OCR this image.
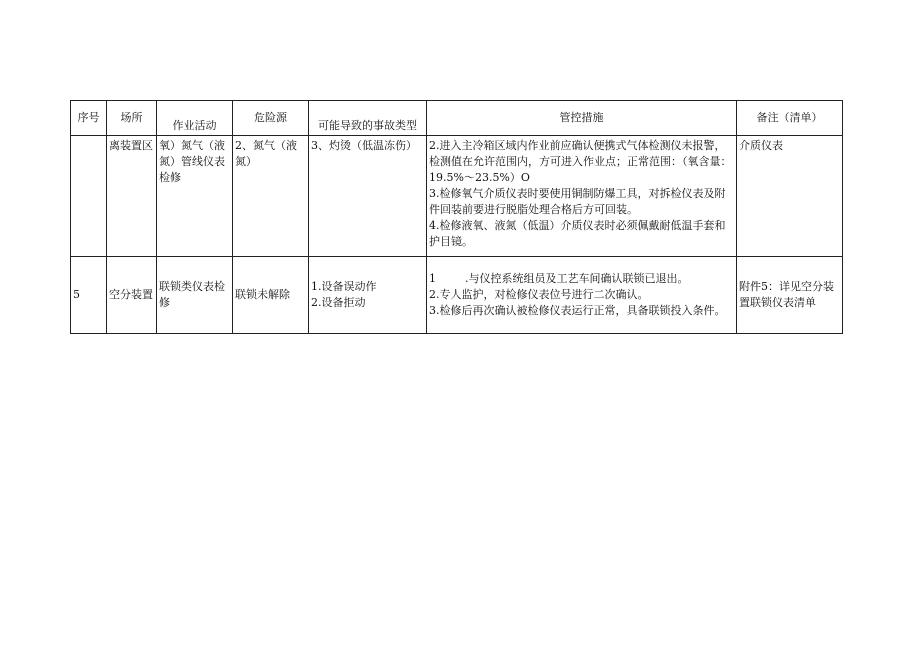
序号	场所	作业活动	危险源	可能导致的事故类型	管控措施	备注（清单）
	离装置区	氧）氮气（液氮）管线仪表检修	2、氮气（液氮）	3、灼烫（低温冻伤）	2.进入主冷箱区域内作业前应确认便携式气体检测仪未报警，检测值在允许范围内，方可进入作业点；正常范围：（氧含量：19.5%～23.5%）O
3.检修氧气介质仪表时要使用铜制防爆工具，对拆检仪表及附件回装前要进行脱脂处理合格后方可回装。
4.检修液氧、液氮（低温）介质仪表时必须佩戴耐低温手套和护目镜。	介质仪表
5	空分装置	联锁类仪表检修	联锁未解除	1.设备误动作
2.设备拒动	1 .与仪控系统组员及工艺车间确认联锁已退出。
2.专人监护，对检修仪表位号进行二次确认。
3.检修后再次确认被检修仪表运行正常，具备联锁投入条件。	附件5：详见空分装置联锁仪表清单
